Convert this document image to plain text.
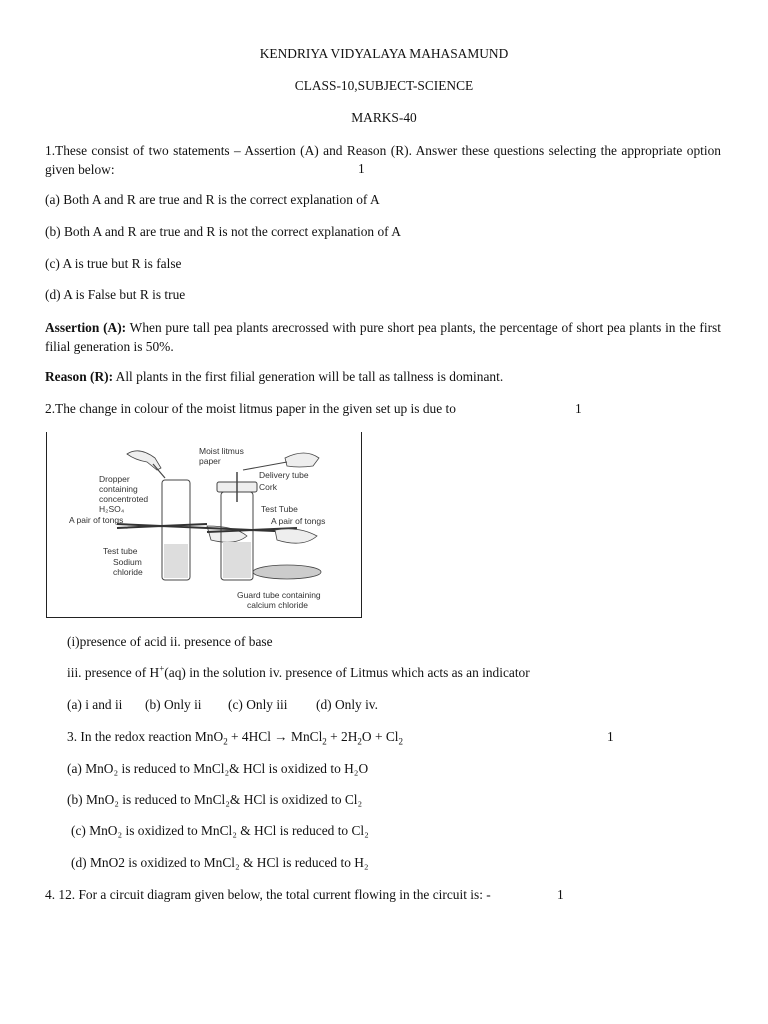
KENDRIYA VIDYALAYA MAHASAMUND
CLASS-10,SUBJECT-SCIENCE
MARKS-40
1.These consist of two statements – Assertion (A) and Reason (R). Answer these questions selecting the appropriate option given below:	1
(a) Both A and R are true and R is the correct explanation of A
(b) Both A and R are true and R is not the correct explanation of A
(c) A is true but R is false
(d) A is False but R is true
Assertion (A): When pure tall pea plants arecrossed with pure short pea plants, the percentage of short pea plants in the first filial generation is 50%.
Reason (R): All plants in the first filial generation will be tall as tallness is dominant.
2.The change in colour of the moist litmus paper in the given set up is due to	1
Dropper
containing
concentroted
H₂SO₄
A pair of tongs
Test tube
Sodium
chloride
Moist litmus
paper
Delivery tube
Cork
Test Tube
A pair of tongs
Guard tube containing
calcium chloride
(i)presence of acid ii. presence of base
iii. presence of H+(aq) in the solution iv. presence of Litmus which acts as an indicator
(a) i and ii (b) Only ii (c) Only iii (d) Only iv.
3. In the redox reaction MnO$_2$ + 4HCl → MnCl$_2$ + $2H_2O + Cl_2$	1
(a) MnO₂ is reduced to MnCl₂& HCl is oxidized to H₂O
(b) MnO₂ is reduced to MnCl₂& HCl is oxidized to Cl₂
(c) MnO₂ is oxidized to MnCl₂ & HCl is reduced to Cl₂
(d) MnO2 is oxidized to MnCl₂ & HCl is reduced to H₂
4. 12. For a circuit diagram given below, the total current flowing in the circuit is: -	1
